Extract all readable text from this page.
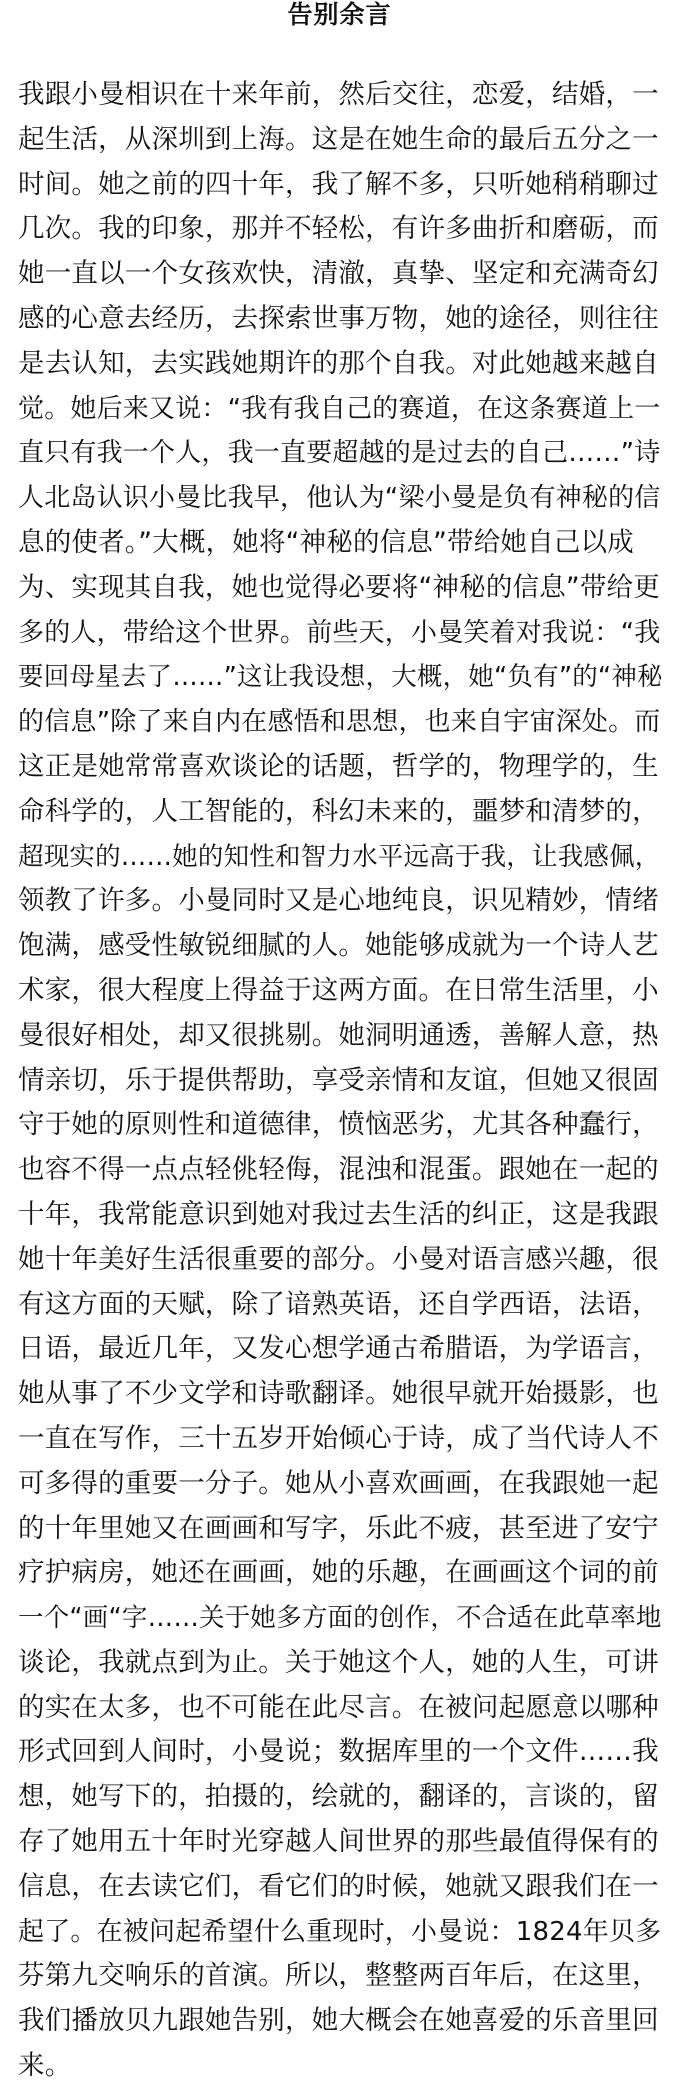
告别余言
我跟小曼相识在十来年前，然后交往，恋爱，结婚，一
起生活，从深圳到上海。这是在她生命的最后五分之一
时间。她之前的四十年，我了解不多，只听她稍稍聊过
几次。我的印象，那并不轻松，有许多曲折和磨砺，而
她一直以一个女孩欢快，清澈，真挚、坚定和充满奇幻
感的心意去经历，去探索世事万物，她的途径，则往往
是去认知，去实践她期许的那个自我。对此她越来越自
觉。她后来又说：“我有我自己的赛道，在这条赛道上一
直只有我一个人，我一直要超越的是过去的自己……”诗
人北岛认识小曼比我早，他认为“梁小曼是负有神秘的信
息的使者。”大概，她将“神秘的信息”带给她自己以成
为、实现其自我，她也觉得必要将“神秘的信息”带给更
多的人，带给这个世界。前些天，小曼笑着对我说：“我
要回母星去了……”这让我设想，大概，她“负有”的“神秘
的信息”除了来自内在感悟和思想，也来自宇宙深处。而
这正是她常常喜欢谈论的话题，哲学的，物理学的，生
命科学的，人工智能的，科幻未来的，噩梦和清梦的，
超现实的……她的知性和智力水平远高于我，让我感佩，
领教了许多。小曼同时又是心地纯良，识见精妙，情绪
饱满，感受性敏锐细腻的人。她能够成就为一个诗人艺
术家，很大程度上得益于这两方面。在日常生活里，小
曼很好相处，却又很挑剔。她洞明通透，善解人意，热
情亲切，乐于提供帮助，享受亲情和友谊，但她又很固
守于她的原则性和道德律，愤恼恶劣，尤其各种蠢行，
也容不得一点点轻佻轻侮，混浊和混蛋。跟她在一起的
十年，我常能意识到她对我过去生活的纠正，这是我跟
她十年美好生活很重要的部分。小曼对语言感兴趣，很
有这方面的天赋，除了谙熟英语，还自学西语，法语，
日语，最近几年，又发心想学通古希腊语，为学语言，
她从事了不少文学和诗歌翻译。她很早就开始摄影，也
一直在写作，三十五岁开始倾心于诗，成了当代诗人不
可多得的重要一分子。她从小喜欢画画，在我跟她一起
的十年里她又在画画和写字，乐此不疲，甚至进了安宁
疗护病房，她还在画画，她的乐趣，在画画这个词的前
一个“画“字……关于她多方面的创作，不合适在此草率地
谈论，我就点到为止。关于她这个人，她的人生，可讲
的实在太多，也不可能在此尽言。在被问起愿意以哪种
形式回到人间时，小曼说；数据库里的一个文件……我
想，她写下的，拍摄的，绘就的，翻译的，言谈的，留
存了她用五十年时光穿越人间世界的那些最值得保有的
信息，在去读它们，看它们的时候，她就又跟我们在一
起了。在被问起希望什么重现时，小曼说：1824年贝多
芬第九交响乐的首演。所以，整整两百年后，在这里，
我们播放贝九跟她告别，她大概会在她喜爱的乐音里回
来。
